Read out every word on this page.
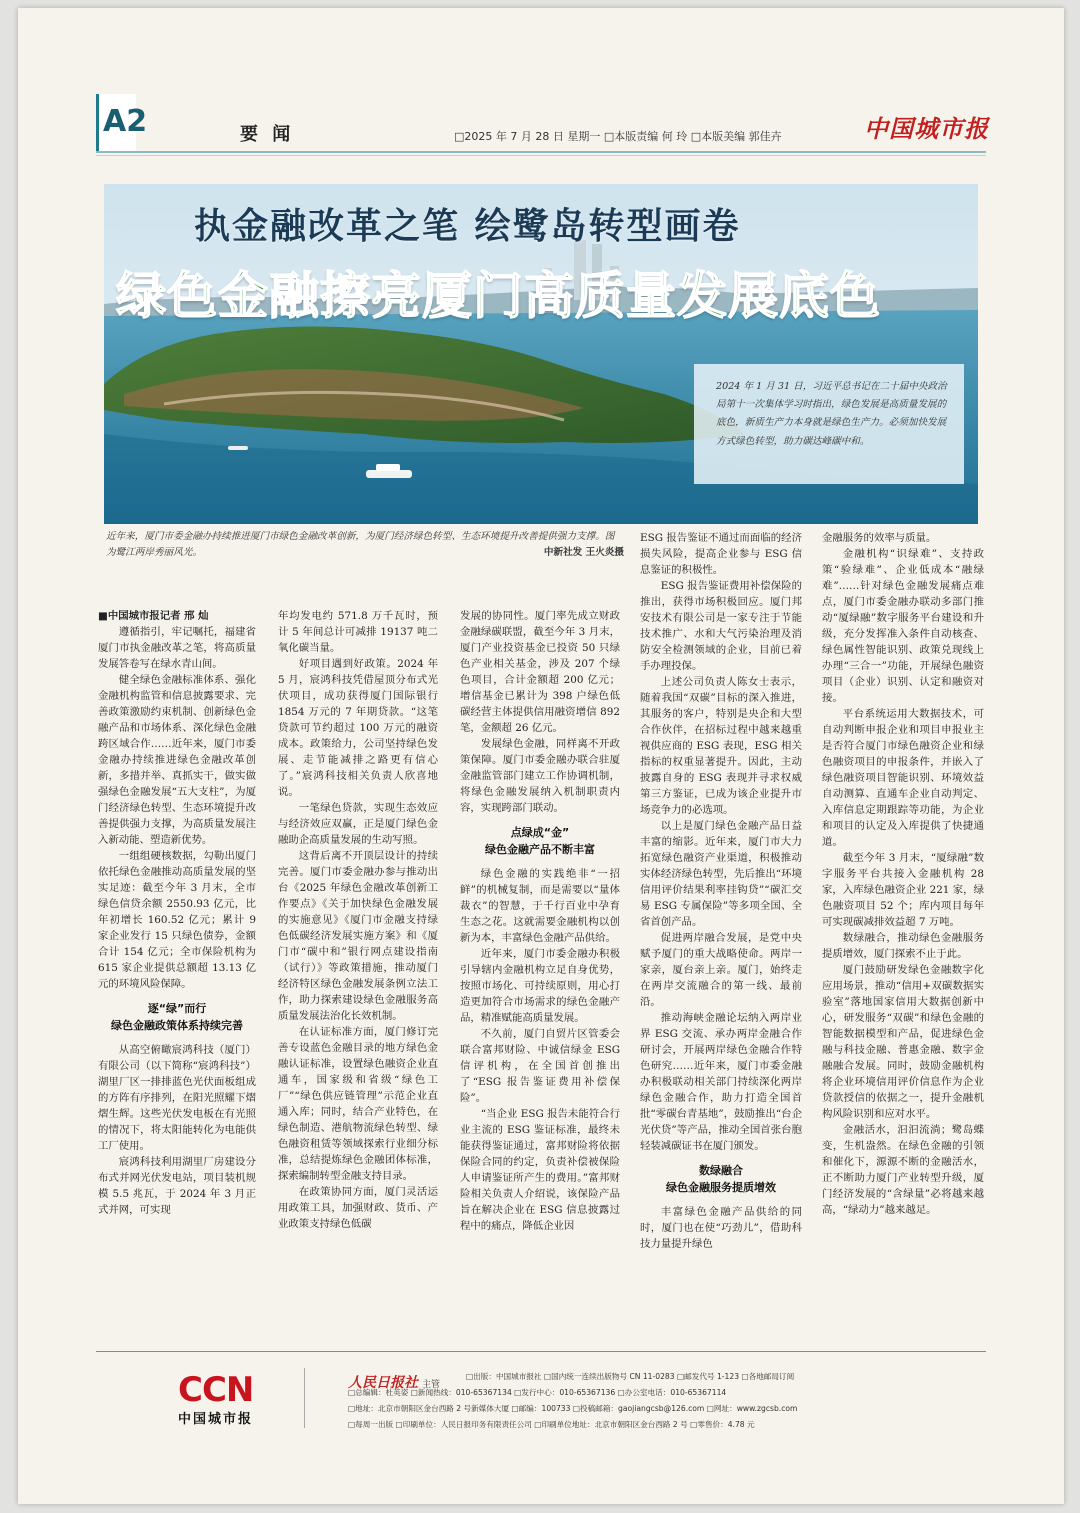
A2	要 闻	□2025 年 7 月 28 日 星期一 □本版责编 何 玲 □本版美编 郭佳卉	中国城市报
执金融改革之笔 绘鹭岛转型画卷
绿色金融擦亮厦门高质量发展底色
2024 年 1 月 31 日，习近平总书记在二十届中央政治局第十一次集体学习时指出，绿色发展是高质量发展的底色，新质生产力本身就是绿色生产力。必须加快发展方式绿色转型，助力碳达峰碳中和。
近年来，厦门市委金融办持续推进厦门市绿色金融改革创新，为厦门经济绿色转型、生态环境提升改善提供强力支撑。图为鹭江两岸秀丽风光。	中新社发 王火炎摄

■中国城市报记者 邢 灿

遵循指引，牢记嘱托，福建省厦门市执金融改革之笔，将高质量发展答卷写在绿水青山间。

健全绿色金融标准体系、强化金融机构监管和信息披露要求、完善政策激励约束机制、创新绿色金融产品和市场体系、深化绿色金融跨区域合作……近年来，厦门市委金融办持续推进绿色金融改革创新，多措并举、真抓实干，做实做强绿色金融发展“五大支柱”，为厦门经济绿色转型、生态环境提升改善提供强力支撑，为高质量发展注入新动能、塑造新优势。

一组组硬核数据，勾勒出厦门依托绿色金融推动高质量发展的坚实足迹：截至今年 3 月末，全市绿色信贷余额 2550.93 亿元，比年初增长 160.52 亿元；累计 9 家企业发行 15 只绿色债券，金额合计 154 亿元；全市保险机构为 615 家企业提供总额超 13.13 亿元的环境风险保障。

逐“绿”而行
绿色金融政策体系持续完善

从高空俯瞰宸鸿科技（厦门）有限公司（以下简称“宸鸿科技”）湖里厂区一排排蓝色光伏面板组成的方阵有序排列，在阳光照耀下熠熠生辉。这些光伏发电板在有光照的情况下，将太阳能转化为电能供工厂使用。

宸鸿科技利用湖里厂房建设分布式并网光伏发电站，项目装机规模 5.5 兆瓦，于 2024 年 3 月正式并网，可实现

年均发电约 571.8 万千瓦时，预计 5 年间总计可减排 19137 吨二氧化碳当量。

好项目遇到好政策。2024 年 5 月，宸鸿科技凭借屋顶分布式光伏项目，成功获得厦门国际银行 1854 万元的 7 年期贷款。“这笔贷款可节约超过 100 万元的融资成本。政策给力，公司坚持绿色发展、走节能减排之路更有信心了。”宸鸿科技相关负责人欣喜地说。

一笔绿色贷款，实现生态效应与经济效应双赢，正是厦门绿色金融助企高质量发展的生动写照。

这背后离不开顶层设计的持续完善。厦门市委金融办参与推动出台《2025 年绿色金融改革创新工作要点》《关于加快绿色金融发展的实施意见》《厦门市金融支持绿色低碳经济发展实施方案》和《厦门市“碳中和”银行网点建设指南（试行）》等政策措施，推动厦门经济特区绿色金融发展条例立法工作，助力探索建设绿色金融服务高质量发展法治化长效机制。

在认证标准方面，厦门修订完善专设蓝色金融目录的地方绿色金融认证标准，设置绿色融资企业直通车，国家级和省级“绿色工厂”“绿色供应链管理”示范企业直通入库；同时，结合产业特色，在绿色制造、港航物流绿色转型、绿色融资租赁等领域探索行业细分标准，总结提炼绿色金融团体标准，探索编制转型金融支持目录。

在政策协同方面，厦门灵活运用政策工具，加强财政、货币、产业政策支持绿色低碳

发展的协同性。厦门率先成立财政金融绿碳联盟，截至今年 3 月末，厦门产业投资基金已投资 50 只绿色产业相关基金，涉及 207 个绿色项目，合计金额超 200 亿元；增信基金已累计为 398 户绿色低碳经营主体提供信用融资增信 892 笔，金额超 26 亿元。

发展绿色金融，同样离不开政策保障。厦门市委金融办联合驻厦金融监管部门建立工作协调机制，将绿色金融发展纳入机制职责内容，实现跨部门联动。

点绿成“金”
绿色金融产品不断丰富

绿色金融的实践绝非“一招鲜”的机械复制，而是需要以“量体裁衣”的智慧，于千行百业中孕育生态之花。这就需要金融机构以创新为本，丰富绿色金融产品供给。

近年来，厦门市委金融办积极引导辖内金融机构立足自身优势，按照市场化、可持续原则，用心打造更加符合市场需求的绿色金融产品，精准赋能高质量发展。

不久前，厦门自贸片区管委会联合富邦财险、中诚信绿金 ESG 信评机构，在全国首创推出了“ESG 报告鉴证费用补偿保险”。

“当企业 ESG 报告未能符合行业主流的 ESG 鉴证标准，最终未能获得鉴证通过，富邦财险将依据保险合同的约定，负责补偿被保险人申请鉴证所产生的费用。”富邦财险相关负责人介绍说，该保险产品旨在解决企业在 ESG 信息披露过程中的痛点，降低企业因

ESG 报告鉴证不通过而面临的经济损失风险，提高企业参与 ESG 信息鉴证的积极性。

ESG 报告鉴证费用补偿保险的推出，获得市场积极回应。厦门邦安技术有限公司是一家专注于节能技术推广、水和大气污染治理及消防安全检测领域的企业，目前已着手办理投保。

上述公司负责人陈女士表示，随着我国“双碳”目标的深入推进，其服务的客户，特别是央企和大型合作伙伴，在招标过程中越来越重视供应商的 ESG 表现，ESG 相关指标的权重显著提升。因此，主动披露自身的 ESG 表现并寻求权威第三方鉴证，已成为该企业提升市场竞争力的必选项。

以上是厦门绿色金融产品日益丰富的缩影。近年来，厦门市大力拓宽绿色融资产业渠道，积极推动实体经济绿色转型，先后推出“环境信用评价结果利率挂钩贷”“碳汇交易 ESG 专属保险”等多项全国、全省首创产品。

促进两岸融合发展，是党中央赋予厦门的重大战略使命。两岸一家亲，厦台亲上亲。厦门，始终走在两岸交流融合的第一线、最前沿。

推动海峡金融论坛纳入两岸业界 ESG 交流、承办两岸金融合作研讨会，开展两岸绿色金融合作特色研究……近年来，厦门市委金融办积极联动相关部门持续深化两岸绿色金融合作，助力打造全国首批“零碳台青基地”，鼓励推出“台企光伏贷”等产品，推动全国首张台胞轻装减碳证书在厦门颁发。

数绿融合
绿色金融服务提质增效

丰富绿色金融产品供给的同时，厦门也在使“巧劲儿”，借助科技力量提升绿色

金融服务的效率与质量。

金融机构“识绿难”、支持政策“验绿难”、企业低成本“融绿难”……针对绿色金融发展痛点难点，厦门市委金融办联动多部门推动“厦绿融”数字服务平台建设和升级，充分发挥准入条件自动核查、绿色属性智能识别、政策兑现线上办理“三合一”功能，开展绿色融资项目（企业）识别、认定和融资对接。

平台系统运用大数据技术，可自动判断申报企业和项目申报业主是否符合厦门市绿色融资企业和绿色融资项目的申报条件，并嵌入了绿色融资项目智能识别、环境效益自动测算、直通车企业自动判定、入库信息定期跟踪等功能，为企业和项目的认定及入库提供了快捷通道。

截至今年 3 月末，“厦绿融”数字服务平台共接入金融机构 28 家，入库绿色融资企业 221 家，绿色融资项目 52 个；库内项目每年可实现碳减排效益超 7 万吨。

数绿融合，推动绿色金融服务提质增效，厦门探索不止于此。

厦门鼓励研发绿色金融数字化应用场景，推动“信用+双碳数据实验室”落地国家信用大数据创新中心，研发服务“双碳”和绿色金融的智能数据模型和产品，促进绿色金融与科技金融、普惠金融、数字金融融合发展。同时，鼓励金融机构将企业环境信用评价信息作为企业贷款授信的依据之一，提升金融机构风险识别和应对水平。

金融活水，汩汩流淌；鹭岛蝶变，生机盎然。在绿色金融的引领和催化下，源源不断的金融活水，正不断助力厦门产业转型升级，厦门经济发展的“含绿量”必将越来越高，“绿动力”越来越足。

CCN
中国城市报
人民日报社 主管
□出版：中国城市报社 □国内统一连续出版物号 CN 11-0283 □邮发代号 1-123 □各地邮局订阅
□总编辑：杜英姿 □新闻热线：010-65367134 □发行中心：010-65367136 □办公室电话：010-65367114
□地址：北京市朝阳区金台西路 2 号新媒体大厦 □邮编：100733 □投稿邮箱：gaojiangcsb@126.com □网址：www.zgcsb.com
□每周一出版 □印刷单位：人民日报印务有限责任公司 □印刷单位地址：北京市朝阳区金台西路 2 号 □零售价：4.78 元
